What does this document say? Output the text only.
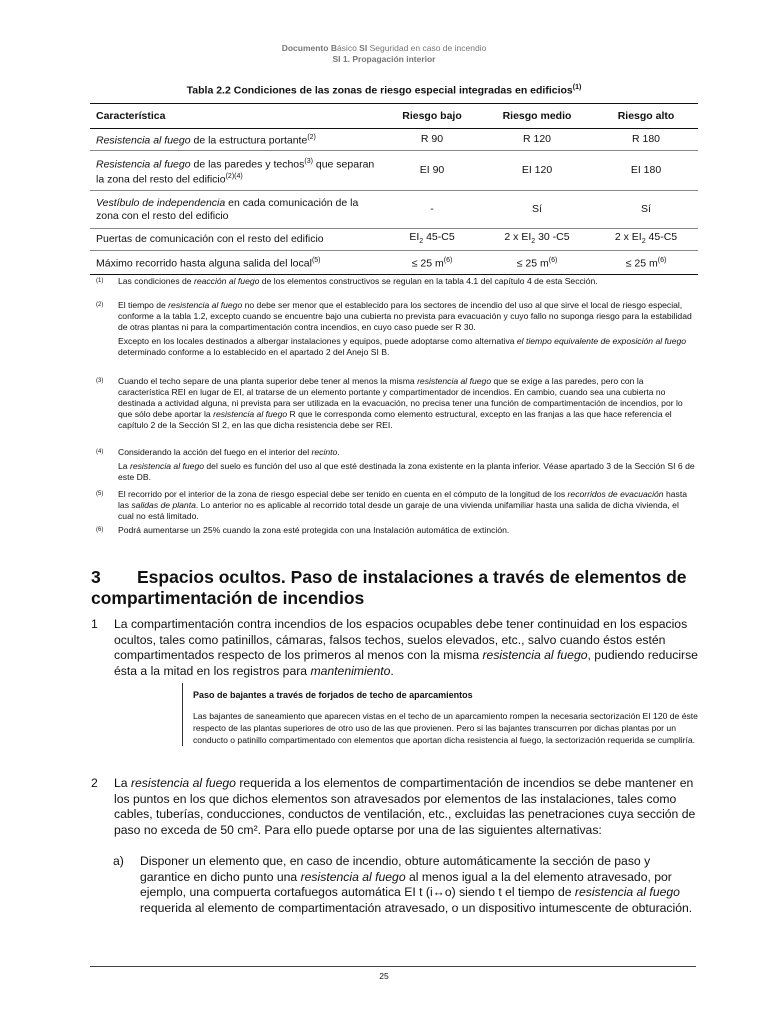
Documento Básico SI Seguridad en caso de incendio
SI 1. Propagación interior
Tabla 2.2 Condiciones de las zonas de riesgo especial integradas en edificios$^{(1)}$
Característica	Riesgo bajo	Riesgo medio	Riesgo alto
Resistencia al fuego de la estructura portante$^{(2)}$	R 90	R 120	R 180
Resistencia al fuego de las paredes y techos$^{(3)}$ que separan la zona del resto del edificio$^{(2)(4)}$	EI 90	EI 120	EI 180
Vestíbulo de independencia en cada comunicación de la zona con el resto del edificio	-	Sí	Sí
Puertas de comunicación con el resto del edificio	$EI_2$ 45-C5	2 x $EI_2$ 30 -C5	2 x $EI_2$ 45-C5
Máximo recorrido hasta alguna salida del local$^{(5)}$	≤ 25 $m^{(6)}$	≤ 25 $m^{(6)}$	≤ 25 $m^{(6)}$
(1) Las condiciones de reacción al fuego de los elementos constructivos se regulan en la tabla 4.1 del capítulo 4 de esta Sección.
(2) El tiempo de resistencia al fuego no debe ser menor que el establecido para los sectores de incendio del uso al que sirve el local de riesgo especial, conforme a la tabla 1.2, excepto cuando se encuentre bajo una cubierta no prevista para evacuación y cuyo fallo no suponga riesgo para la estabilidad de otras plantas ni para la compartimentación contra incendios, en cuyo caso puede ser R 30.
Excepto en los locales destinados a albergar instalaciones y equipos, puede adoptarse como alternativa el tiempo equivalente de exposición al fuego determinado conforme a lo establecido en el apartado 2 del Anejo SI B.
(3) Cuando el techo separe de una planta superior debe tener al menos la misma resistencia al fuego que se exige a las paredes, pero con la característica REI en lugar de EI, al tratarse de un elemento portante y compartimentador de incendios. En cambio, cuando sea una cubierta no destinada a actividad alguna, ni prevista para ser utilizada en la evacuación, no precisa tener una función de compartimentación de incendios, por lo que sólo debe aportar la resistencia al fuego R que le corresponda como elemento estructural, excepto en las franjas a las que hace referencia el capítulo 2 de la Sección SI 2, en las que dicha resistencia debe ser REI.
(4) Considerando la acción del fuego en el interior del recinto.
La resistencia al fuego del suelo es función del uso al que esté destinada la zona existente en la planta inferior. Véase apartado 3 de la Sección SI 6 de este DB.
(5) El recorrido por el interior de la zona de riesgo especial debe ser tenido en cuenta en el cómputo de la longitud de los recorridos de evacuación hasta las salidas de planta. Lo anterior no es aplicable al recorrido total desde un garaje de una vivienda unifamiliar hasta una salida de dicha vivienda, el cual no está limitado.
(6) Podrá aumentarse un 25% cuando la zona esté protegida con una Instalación automática de extinción.
3 Espacios ocultos. Paso de instalaciones a través de elementos de compartimentación de incendios
1 La compartimentación contra incendios de los espacios ocupables debe tener continuidad en los espacios ocultos, tales como patinillos, cámaras, falsos techos, suelos elevados, etc., salvo cuando éstos estén compartimentados respecto de los primeros al menos con la misma resistencia al fuego, pudiendo reducirse ésta a la mitad en los registros para mantenimiento.
Paso de bajantes a través de forjados de techo de aparcamientos
Las bajantes de saneamiento que aparecen vistas en el techo de un aparcamiento rompen la necesaria sectorización EI 120 de éste respecto de las plantas superiores de otro uso de las que provienen. Pero si las bajantes transcurren por dichas plantas por un conducto o patinillo compartimentado con elementos que aportan dicha resistencia al fuego, la sectorización requerida se cumpliría.
2 La resistencia al fuego requerida a los elementos de compartimentación de incendios se debe mantener en los puntos en los que dichos elementos son atravesados por elementos de las instalaciones, tales como cables, tuberías, conducciones, conductos de ventilación, etc., excluidas las penetraciones cuya sección de paso no exceda de 50 cm². Para ello puede optarse por una de las siguientes alternativas:
a) Disponer un elemento que, en caso de incendio, obture automáticamente la sección de paso y garantice en dicho punto una resistencia al fuego al menos igual a la del elemento atravesado, por ejemplo, una compuerta cortafuegos automática EI t (i↔o) siendo t el tiempo de resistencia al fuego requerida al elemento de compartimentación atravesado, o un dispositivo intumescente de obturación.
25
